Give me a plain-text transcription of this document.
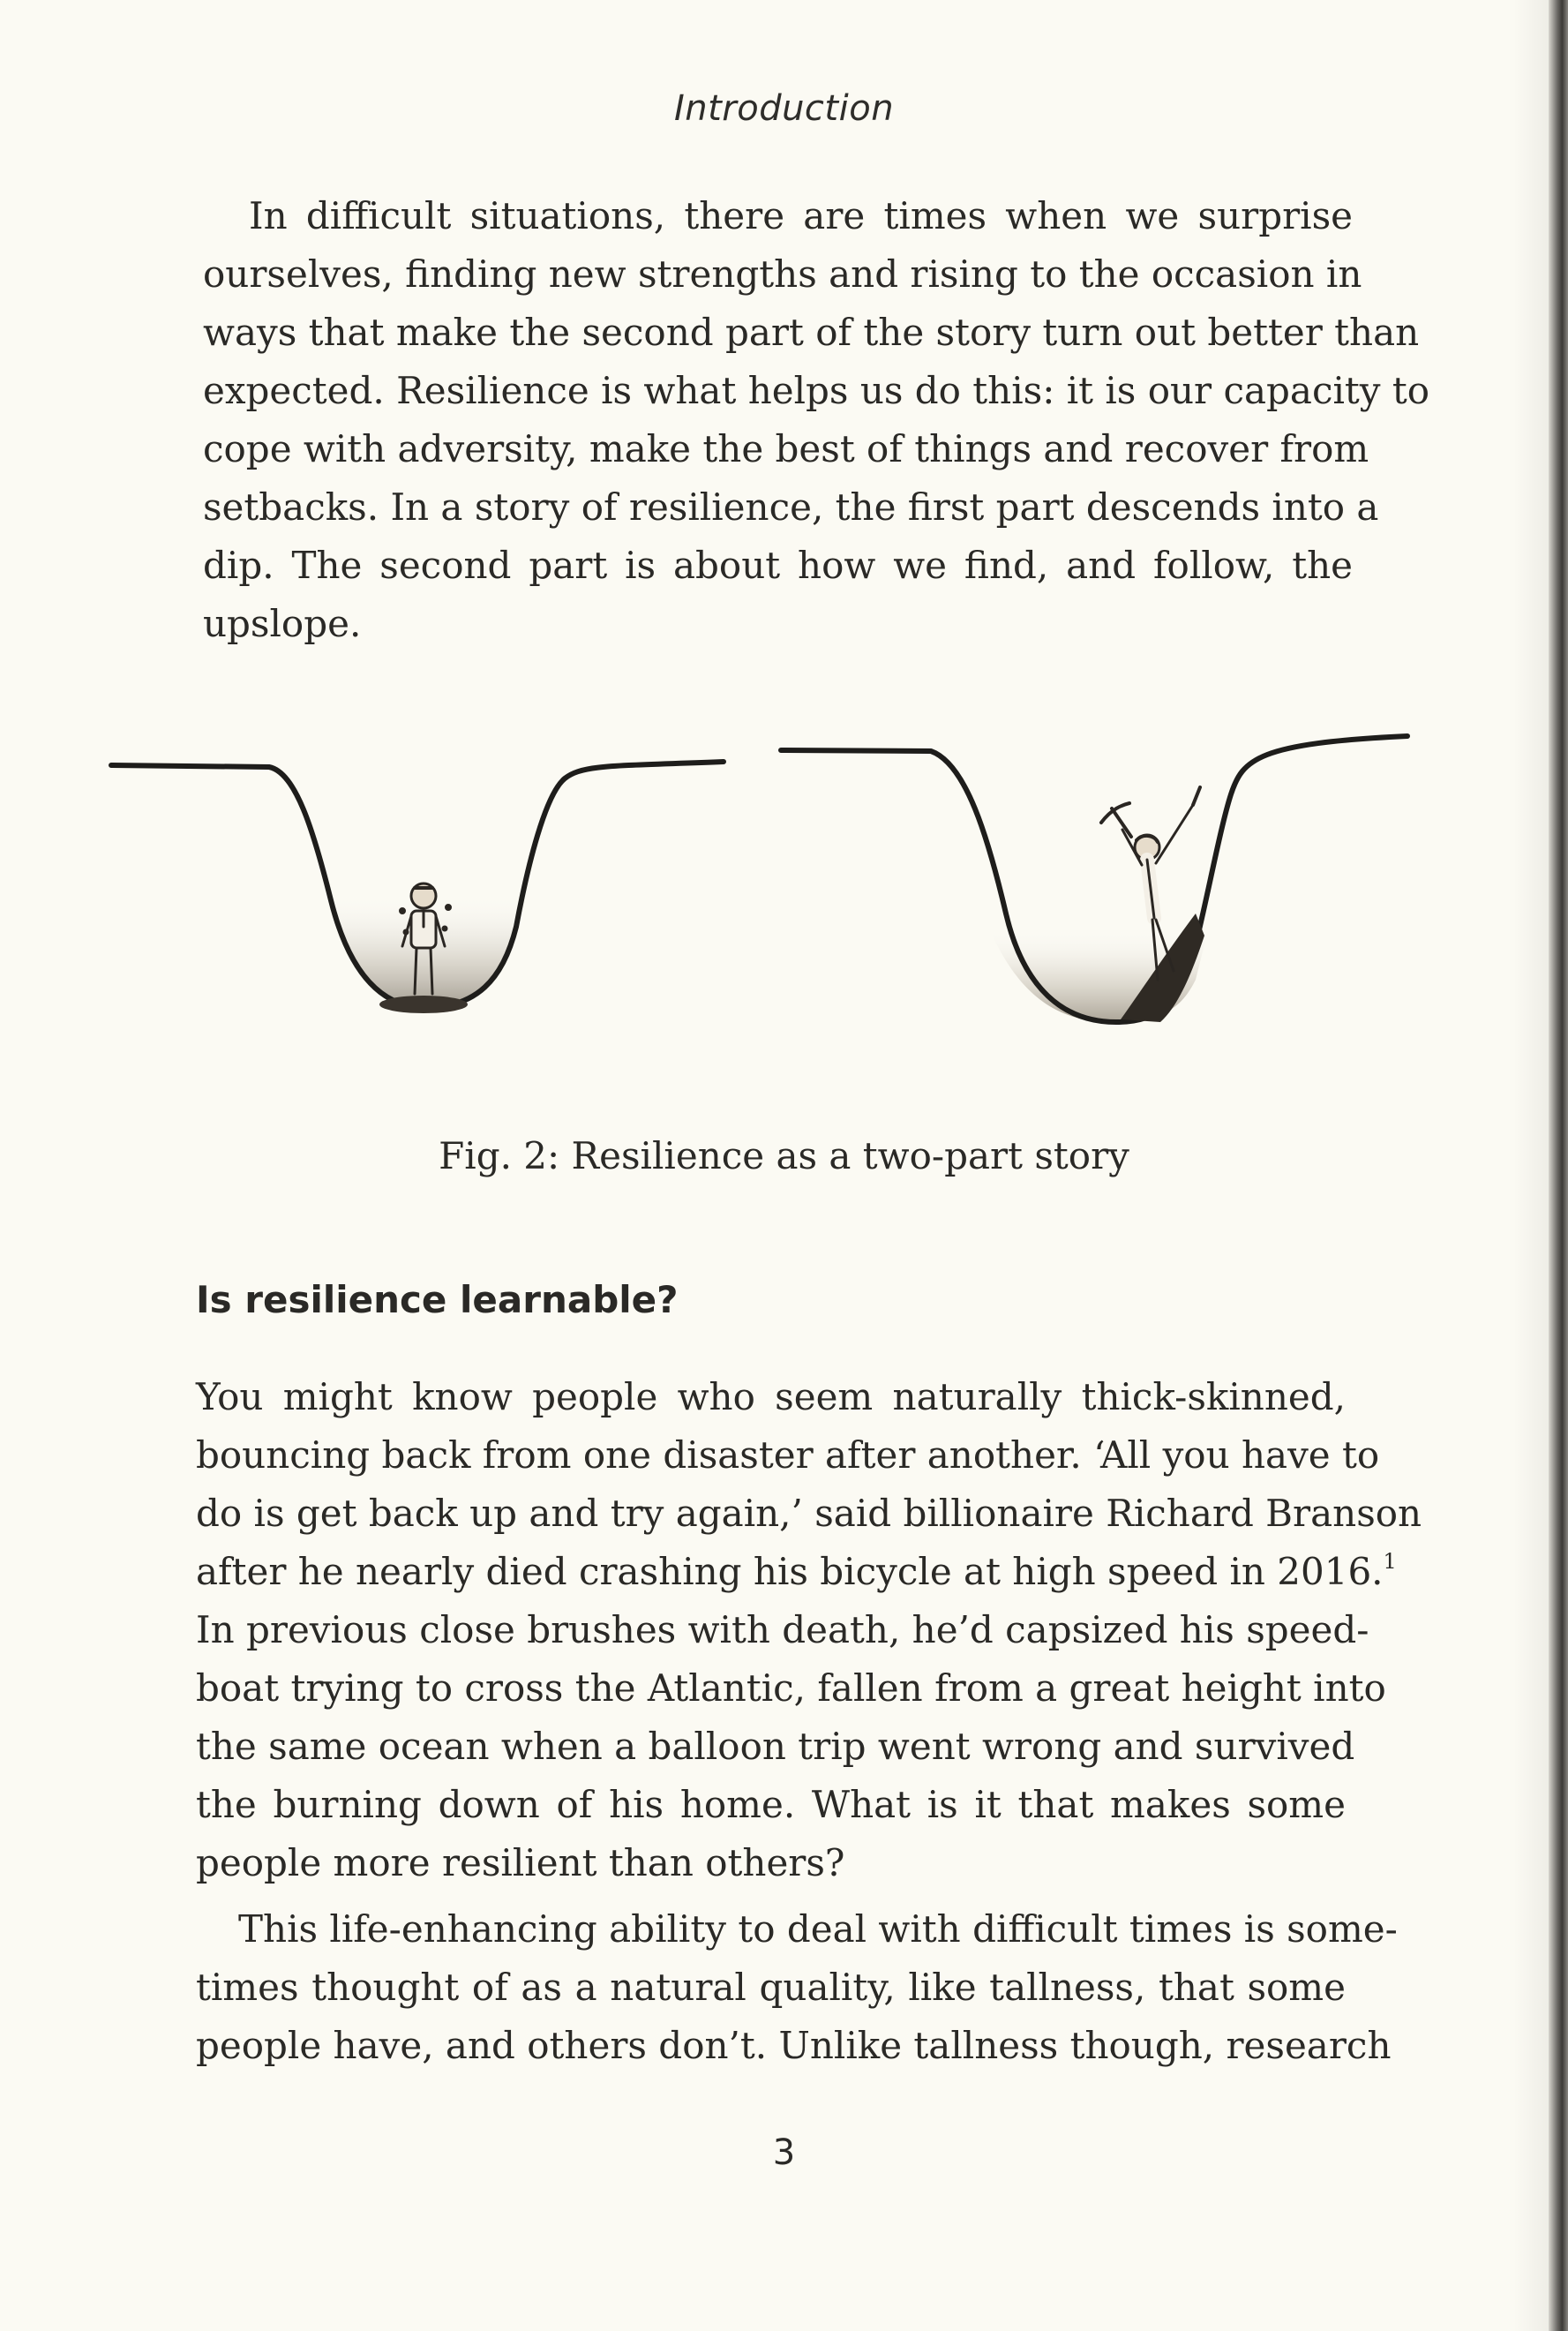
Introduction
In difficult situations, there are times when we surprise
ourselves, finding new strengths and rising to the occasion in
ways that make the second part of the story turn out better than
expected. Resilience is what helps us do this: it is our capacity to
cope with adversity, make the best of things and recover from
setbacks. In a story of resilience, the first part descends into a
dip. The second part is about how we find, and follow, the
upslope.
Fig. 2: Resilience as a two-part story
Is resilience learnable?
You might know people who seem naturally thick-skinned,
bouncing back from one disaster after another. ‘All you have to
do is get back up and try again,’ said billionaire Richard Branson
after he nearly died crashing his bicycle at high speed in 2016.$^1$
In previous close brushes with death, he’d capsized his speed-
boat trying to cross the Atlantic, fallen from a great height into
the same ocean when a balloon trip went wrong and survived
the burning down of his home. What is it that makes some
people more resilient than others?
This life-enhancing ability to deal with difficult times is some-
times thought of as a natural quality, like tallness, that some
people have, and others don’t. Unlike tallness though, research
3
